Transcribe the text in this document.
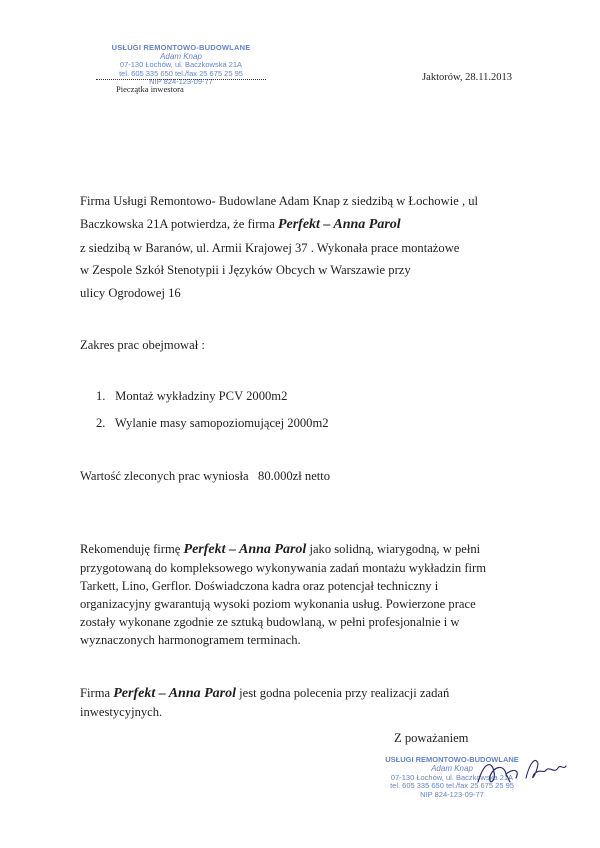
USŁUGI REMONTOWO-BUDOWLANE
Adam Knap
07-130 Łochów, ul. Baczkowska 21A
tel. 605 335 650 tel./fax 25 675 25 95
NIP 824-123-09-77
Pieczątka inwestora
Jaktorów, 28.11.2013
Firma Usługi Remontowo- Budowlane Adam Knap z siedzibą w Łochowie , ul
Baczkowska 21A potwierdza, że firma Perfekt – Anna Parol
z siedzibą w Baranów, ul. Armii Krajowej 37 . Wykonała prace montażowe
w Zespole Szkół Stenotypii i Języków Obcych w Warszawie przy
ulicy Ogrodowej 16
Zakres prac obejmował :
1. Montaż wykładziny PCV 2000m2
2. Wylanie masy samopoziomującej 2000m2
Wartość zleconych prac wyniosła 80.000zł netto
Rekomenduję firmę Perfekt – Anna Parol jako solidną, wiarygodną, w pełni
przygotowaną do kompleksowego wykonywania zadań montażu wykładzin firm
Tarkett, Lino, Gerflor. Doświadczona kadra oraz potencjał techniczny i
organizacyjny gwarantują wysoki poziom wykonania usług. Powierzone prace
zostały wykonane zgodnie ze sztuką budowlaną, w pełni profesjonalnie i w
wyznaczonych harmonogramem terminach.
Firma Perfekt – Anna Parol jest godna polecenia przy realizacji zadań
inwestycyjnych.
Z poważaniem
USŁUGI REMONTOWO-BUDOWLANE
Adam Knap
07-130 Łochów, ul. Baczkowska 21A
tel. 605 335 650 tel./fax 25 675 25 95
NIP 824-123-09-77
